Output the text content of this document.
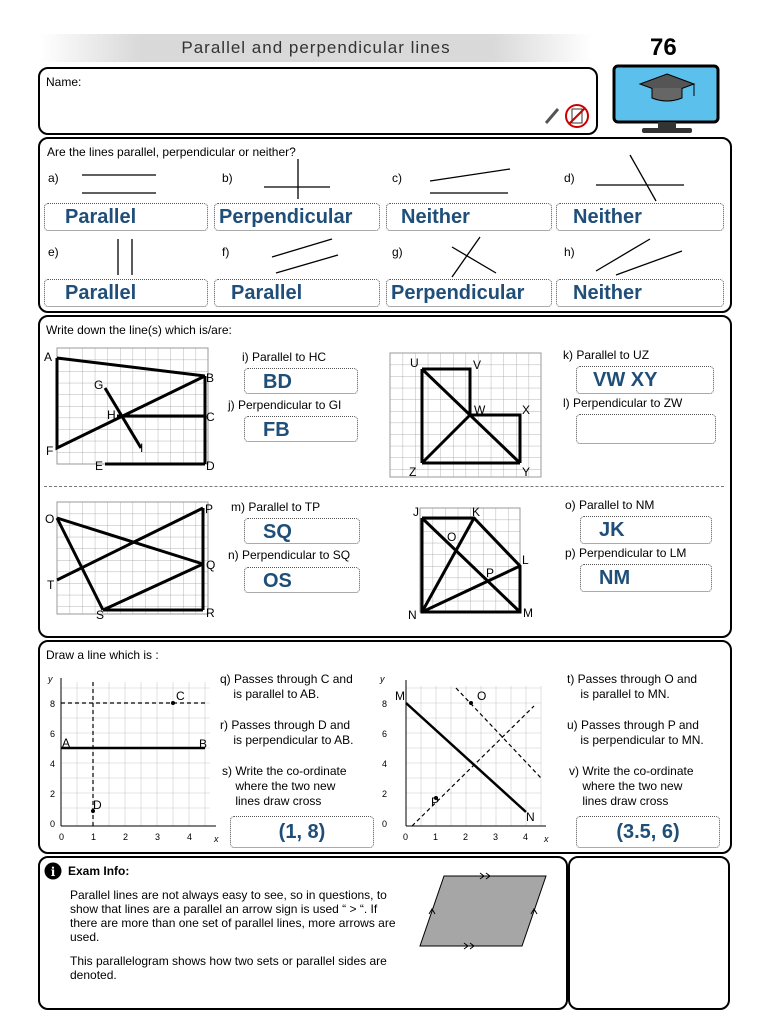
Parallel and perpendicular lines	76
Name:
Are the lines parallel, perpendicular or neither?
a)	b)	c)	d)
e)	f)	g)	h)
Parallel	Perpendicular	Neither	Neither
Parallel	Parallel	Perpendicular	Neither
Write down the line(s) which is/are:
A
B
C
D
E
F
G
H
I
i) Parallel to HC
BD
j) Perpendicular to GI
FB
U	V
W	X
Y
Z
k) Parallel to UZ
VW XY
l) Perpendicular to ZW
O
P
Q
R
S
T
m) Parallel to TP
SQ
n) Perpendicular to SQ
OS
J	K
L
M
N
O
P
o) Parallel to NM
JK
p) Perpendicular to LM
NM
Draw a line which is :
y
x
8
6
4
2
0
0	1	2	3	4
A	B
C
D
q) Passes through C and
is parallel to AB.
r) Passes through D and
is perpendicular to AB.
s) Write the co-ordinate
where the two new
lines draw cross
(1, 8)
y
x
8
6
4
2
0
0	1	2	3	4
M
N
O
P
t) Passes through O and
is parallel to MN.
u) Passes through P and
is perpendicular to MN.
v) Write the co-ordinate
where the two new
lines draw cross
(3.5, 6)
i Exam Info:
Parallel lines are not always easy to see, so in questions, to show that lines are a parallel an arrow sign is used “ > “. If there are more than one set of parallel lines, more arrows are used.
This parallelogram shows how two sets or parallel sides are denoted.
